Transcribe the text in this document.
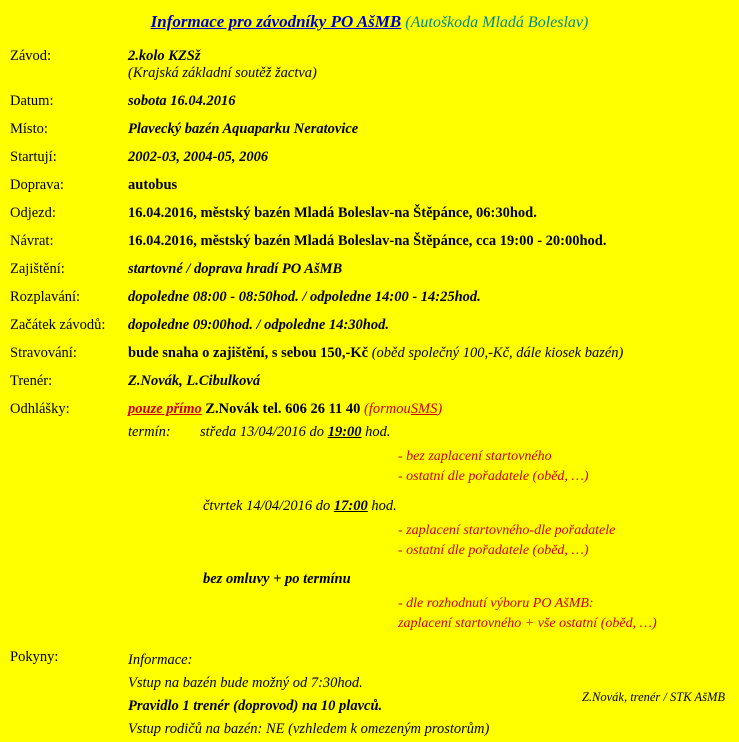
Informace pro závodníky PO AšMB (Autoškoda Mladá Boleslav)
Závod:	2.kolo KZSž
(Krajská základní soutěž žactva)

Datum:	sobota 16.04.2016

Místo:	Plavecký bazén Aquaparku Neratovice

Startují:	2002-03, 2004-05, 2006

Doprava:	autobus

Odjezd:	16.04.2016, městský bazén Mladá Boleslav-na Štěpánce, 06:30hod.

Návrat:	16.04.2016, městský bazén Mladá Boleslav-na Štěpánce, cca 19:00 - 20:00hod.

Zajištění:	startovné / doprava hradí PO AšMB

Rozplavání:	dopoledne 08:00 - 08:50hod. / odpoledne 14:00 - 14:25hod.

Začátek závodů:	dopoledne 09:00hod. / odpoledne 14:30hod.

Stravování:	bude snaha o zajištění, s sebou 150,-Kč (oběd společný 100,-Kč, dále kiosek bazén)

Trenér:	Z.Novák, L.Cibulková

Odhlášky:	pouze přímo Z.Novák tel. 606 26 11 40 (formouSMS)
termín: středa 13/04/2016 do 19:00 hod.
- bez zaplacení startovného
- ostatní dle pořadatele (oběd, …)
čtvrtek 14/04/2016 do 17:00 hod.
- zaplacení startovného-dle pořadatele
- ostatní dle pořadatele (oběd, …)
bez omluvy + po termínu
- dle rozhodnutí výboru PO AšMB:
zaplacení startovného + vše ostatní (oběd, …)

Pokyny:	Informace:
Vstup na bazén bude možný od 7:30hod.
Pravidlo 1 trenér (doprovod) na 10 plavců.
Vstup rodičů na bazén: NE (vzhledem k omezeným prostorům)
Z.Novák, trenér / STK AšMB
